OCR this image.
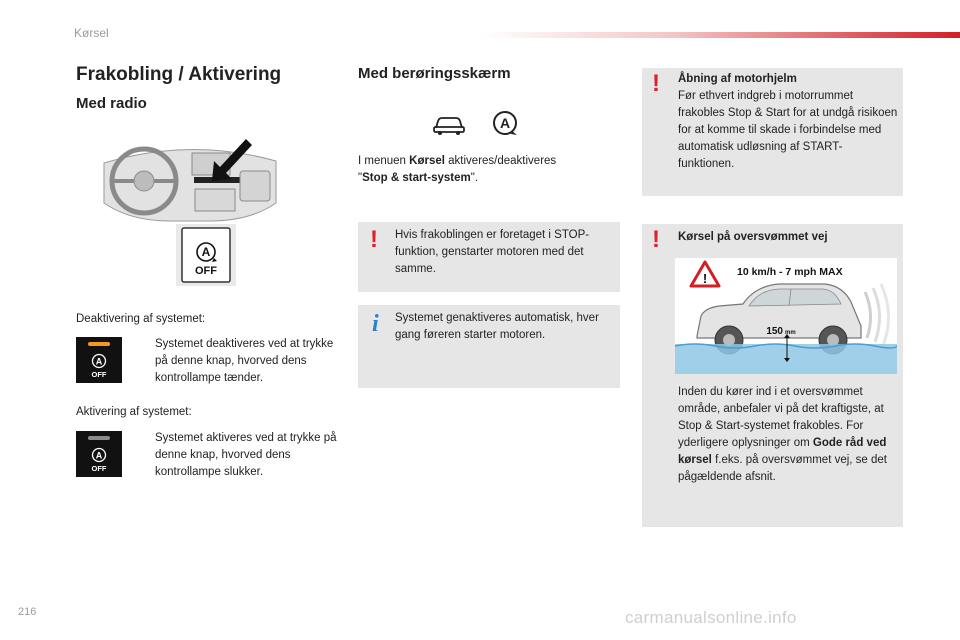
Kørsel
Frakobling / Aktivering
Med radio
A
OFF
Deaktivering af systemet:
A
OFF
Systemet deaktiveres ved at trykke på denne knap, hvorved dens kontrollampe tænder.
Aktivering af systemet:
A
OFF
Systemet aktiveres ved at trykke på denne knap, hvorved dens kontrollampe slukker.
Med berøringsskærm
A
I menuen Kørsel aktiveres/deaktiveres
"Stop & start-system".
! Hvis frakoblingen er foretaget i STOP-funktion, genstarter motoren med det samme.
i Systemet genaktiveres automatisk, hver gang føreren starter motoren.
! Åbning af motorhjelm
Før ethvert indgreb i motorrummet frakobles Stop & Start for at undgå risikoen for at komme til skade i forbindelse med automatisk udløsning af START-funktionen.
! Kørsel på oversvømmet vej
Inden du kører ind i et oversvømmet område, anbefaler vi på det kraftigste, at Stop & Start-systemet frakobles. For yderligere oplysninger om Gode råd ved kørsel f.eks. på oversvømmet vej, se det pågældende afsnit.
!	10 km/h - 7 mph MAX
150 mm
216	carmanualsonline.info
